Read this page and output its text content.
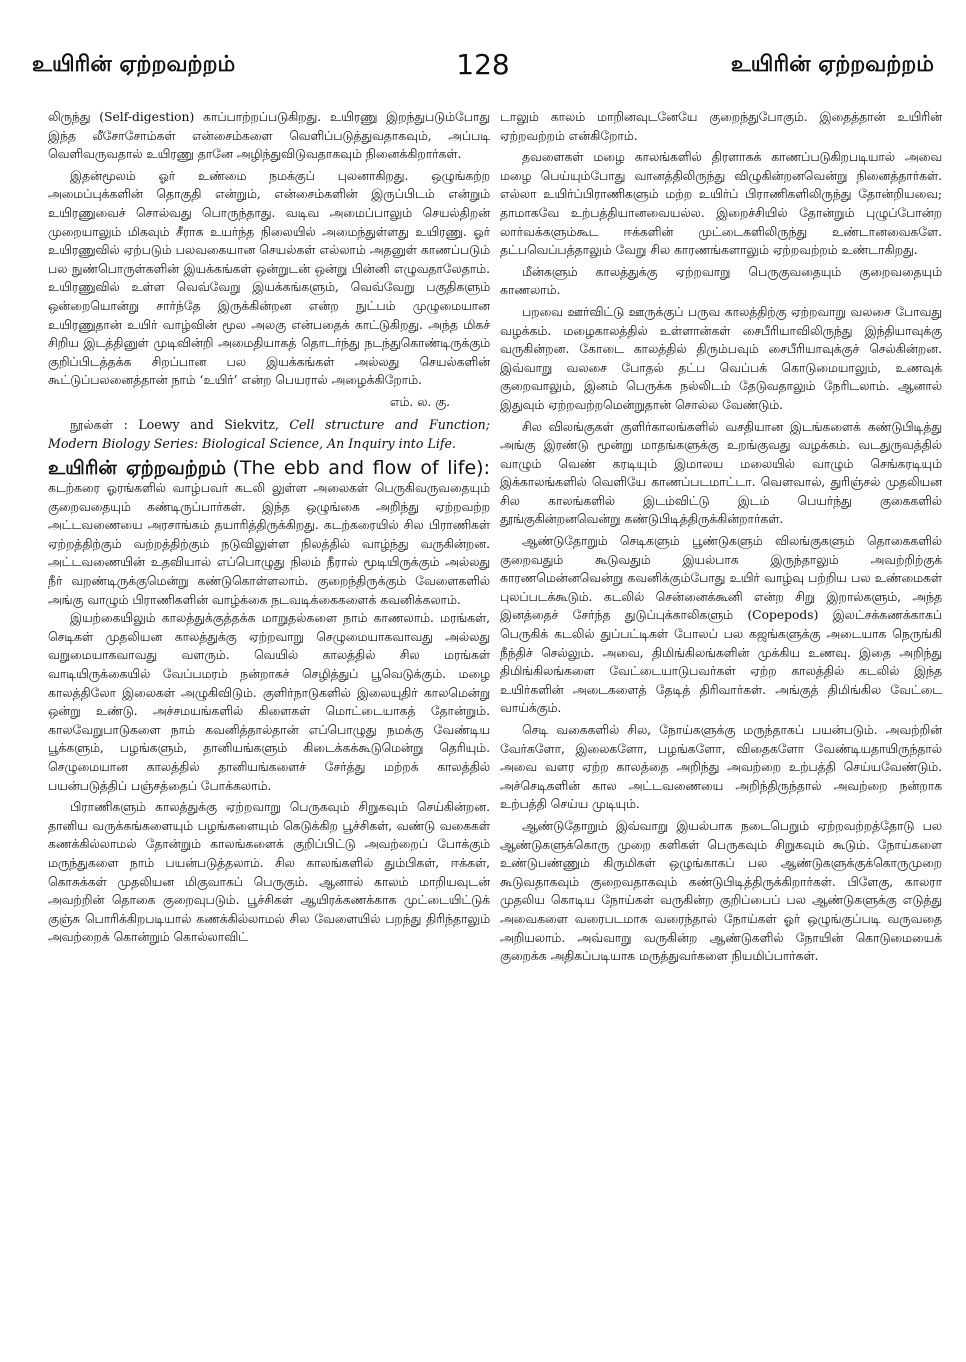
உயிரின் ஏற்றவற்றம்	128	உயிரின் ஏற்றவற்றம்

லிருந்து (Self-digestion) காப்பாற்றப்படுகிறது. உயிரணு இறந்துபடும்போது இந்த லீசோசோம்கள் என்சைம்களை வெளிப்படுத்துவதாகவும், அப்படி வெளிவருவதால் உயிரணு தானே அழிந்துவிடுவதாகவும் நினைக்கிறார்கள்.

இதன்மூலம் ஓர் உண்மை நமக்குப் புலனாகிறது. ஒழுங்கற்ற அமைப்புக்களின் தொகுதி என்றும், என்சைம்களின் இருப்பிடம் என்றும் உயிரணுவைச் சொல்வது பொருந்தாது. வடிவ அமைப்பாலும் செயல்திறன் முறையாலும் மிகவும் சீராக உயர்ந்த நிலையில் அமைந்துள்ளது உயிரணு. ஓர் உயிரணுவில் ஏற்படும் பலவகையான செயல்கள் எல்லாம் அதனுள் காணப்படும் பல நுண்பொருள்களின் இயக்கங்கள் ஒன்றுடன் ஒன்று பின்னி எழுவதாலேதாம். உயிரணுவில் உள்ள வெவ்வேறு இயக்கங்களும், வெவ்வேறு பகுதிகளும் ஒன்றையொன்று சார்ந்தே இருக்கின்றன என்ற நுட்பம் முழுமையான உயிரணுதான் உயிர் வாழ்வின் மூல அலகு என்பதைக் காட்டுகிறது. அந்த மிகச் சிறிய இடத்தினுள் முடிவின்றி அமைதியாகத் தொடர்ந்து நடந்துகொண்டிருக்கும் குறிப்பிடத்தக்க சிறப்பான பல இயக்கங்கள் அல்லது செயல்களின் கூட்டுப்பலனைத்தான் நாம் ‘உயிர்’ என்ற பெயரால் அழைக்கிறோம்.

எம். ல. கு.
நூல்கள் : Loewy and Siekvitz, Cell structure and Function; Modern Biology Series: Biological Science, An Inquiry into Life.
உயிரின் ஏற்றவற்றம் (The ebb and flow of life): கடற்கரை ஓரங்களில் வாழ்பவர் கடலி லுள்ள அலைகள் பெருகிவருவதையும் குறைவதையும் கண்டிருப்பார்கள். இந்த ஒழுங்கை அறிந்து ஏற்றவற்ற அட்டவணையை அரசாங்கம் தயாரித்திருக்கிறது. கடற்கரையில் சில பிராணிகள் ஏற்றத்திற்கும் வற்றத்திற்கும் நடுவிலுள்ள நிலத்தில் வாழ்ந்து வருகின்றன. அட்டவணையின் உதவியால் எப்பொழுது நிலம் நீரால் மூடியிருக்கும் அல்லது நீர் வறண்டிருக்குமென்று கண்டுகொள்ளலாம். குறைந்திருக்கும் வேளைகளில் அங்கு வாழும் பிராணிகளின் வாழ்க்கை நடவடிக்கைகளைக் கவனிக்கலாம்.

இயற்கையிலும் காலத்துக்குத்தக்க மாறுதல்களை நாம் காணலாம். மரங்கள், செடிகள் முதலியன காலத்துக்கு ஏற்றவாறு செழுமையாகவாவது அல்லது வறுமையாகவாவது வளரும். வெயில் காலத்தில் சில மரங்கள் வாடியிருக்கையில் வேப்பமரம் நன்றாகச் செழித்துப் பூவெடுக்கும். மழை காலத்திலோ இலைகள் அழுகிவிடும். குளிர்நாடுகளில் இலையுதிர் காலமென்று ஒன்று உண்டு. அச்சமயங்களில் கிளைகள் மொட்டையாகத் தோன்றும். காலவேறுபாடுகளை நாம் கவனித்தால்தான் எப்பொழுது நமக்கு வேண்டிய பூக்களும், பழங்களும், தானியங்களும் கிடைக்கக்கூடுமென்று தெரியும். செழுமையான காலத்தில் தானியங்களைச் சேர்த்து மற்றக் காலத்தில் பயன்படுத்திப் பஞ்சத்தைப் போக்கலாம்.

பிராணிகளும் காலத்துக்கு ஏற்றவாறு பெருகவும் சிறுகவும் செய்கின்றன. தானிய வருக்கங்களையும் பழங்களையும் கெடுக்கிற பூச்சிகள், வண்டு வகைகள் கணக்கில்லாமல் தோன்றும் காலங்களைக் குறிப்பிட்டு அவற்றைப் போக்கும் மருந்துகளை நாம் பயன்படுத்தலாம். சில காலங்களில் தும்பிகள், ஈக்கள், கொசுக்கள் முதலியன மிகுவாகப் பெருகும். ஆனால் காலம் மாறியவுடன் அவற்றின் தொகை குறைவுபடும். பூச்சிகள் ஆயிரக்கணக்காக முட்டையிட்டுக் குஞ்சு பொரிக்கிறபடியால் கணக்கில்லாமல் சில வேளையில் பறந்து திரிந்தாலும் அவற்றைக் கொன்றும் கொல்லாவிட்

டாலும் காலம் மாறினவுடனேயே குறைந்துபோகும். இதைத்தான் உயிரின் ஏற்றவற்றம் என்கிறோம்.

தவளைகள் மழை காலங்களில் திரளாகக் காணப்படுகிறபடியால் அவை மழை பெய்யும்போது வானத்திலிருந்து விழுகின்றனவென்று நினைத்தார்கள். எல்லா உயிர்ப்பிராணிகளும் மற்ற உயிர்ப் பிராணிகளிலிருந்து தோன்றியவை; தாமாகவே உற்பத்தியானவையல்ல. இறைச்சியில் தோன்றும் புழுப்போன்ற லார்வக்களும்கூட ஈக்களின் முட்டைகளிலிருந்து உண்டானவைகளே. தட்பவெப்பத்தாலும் வேறு சில காரணங்களாலும் ஏற்றவற்றம் உண்டாகிறது.

மீன்களும் காலத்துக்கு ஏற்றவாறு பெருகுவதையும் குறைவதையும் காணலாம்.

பறவை ஊர்விட்டு ஊருக்குப் பருவ காலத்திற்கு ஏற்றவாறு வலசை போவது வழக்கம். மழைகாலத்தில் உள்ளான்கள் சைபீரியாவிலிருந்து இந்தியாவுக்கு வருகின்றன. கோடை காலத்தில் திரும்பவும் சைபீரியாவுக்குச் செல்கின்றன. இவ்வாறு வலசை போதல் தட்ப வெப்பக் கொடுமையாலும், உணவுக் குறைவாலும், இனம் பெருக்க நல்லிடம் தேடுவதாலும் நேரிடலாம். ஆனால் இதுவும் ஏற்றவற்றமென்றுதான் சொல்ல வேண்டும்.

சில விலங்குகள் குளிர்காலங்களில் வசதியான இடங்களைக் கண்டுபிடித்து அங்கு இரண்டு மூன்று மாதங்களுக்கு உறங்குவது வழக்கம். வடதுருவத்தில் வாழும் வெண் கரடியும் இமாலய மலையில் வாழும் செங்கரடியும் இக்காலங்களில் வெளியே காணப்படமாட்டா. வௌவால், துரிஞ்சல் முதலியன சில காலங்களில் இடம்விட்டு இடம் பெயர்ந்து குகைகளில் தூங்குகின்றனவென்று கண்டுபிடித்திருக்கின்றார்கள்.

ஆண்டுதோறும் செடிகளும் பூண்டுகளும் விலங்குகளும் தொகைகளில் குறைவதும் கூடுவதும் இயல்பாக இருந்தாலும் அவற்றிற்குக் காரணமென்னவென்று கவனிக்கும்போது உயிர் வாழ்வு பற்றிய பல உண்மைகள் புலப்படக்கூடும். கடலில் சென்னைக்கூனி என்ற சிறு இறால்களும், அந்த இனத்தைச் சேர்ந்த துடுப்புக்காலிகளும் (Copepods) இலட்சக்கணக்காகப் பெருகிக் கடலில் துப்பட்டிகள் போலப் பல கஜங்களுக்கு அடையாக நெருங்கி நீந்திச் செல்லும். அவை, திமிங்கிலங்களின் முக்கிய உணவு. இதை அறிந்து திமிங்கிலங்களை வேட்டையாடுபவர்கள் ஏற்ற காலத்தில் கடலில் இந்த உயிர்களின் அடைகளைத் தேடித் திரிவார்கள். அங்குத் திமிங்கில வேட்டை வாய்க்கும்.

செடி வகைகளில் சில, நோய்களுக்கு மருந்தாகப் பயன்படும். அவற்றின் வேர்களோ, இலைகளோ, பழங்களோ, விதைகளோ வேண்டியதாயிருந்தால் அவை வளர ஏற்ற காலத்தை அறிந்து அவற்றை உற்பத்தி செய்யவேண்டும். அச்செடிகளின் கால அட்டவணையை அறிந்திருந்தால் அவற்றை நன்றாக உற்பத்தி செய்ய முடியும்.

ஆண்டுதோறும் இவ்வாறு இயல்பாக நடைபெறும் ஏற்றவற்றத்தோடு பல ஆண்டுகளுக்கொரு முறை களிகள் பெருகவும் சிறுகவும் கூடும். நோய்களை உண்டுபண்ணும் கிருமிகள் ஒழுங்காகப் பல ஆண்டுகளுக்குக்கொருமுறை கூடுவதாகவும் குறைவதாகவும் கண்டுபிடித்திருக்கிறார்கள். பிளேகு, காலரா முதலிய கொடிய நோய்கள் வருகின்ற குறிப்பைப் பல ஆண்டுகளுக்கு எடுத்து அவைகளை வரைபடமாக வரைந்தால் நோய்கள் ஓர் ஒழுங்குப்படி வருவதை அறியலாம். அவ்வாறு வருகின்ற ஆண்டுகளில் நோயின் கொடுமையைக் குறைக்க அதிகப்படியாக மருத்துவர்களை நியமிப்பார்கள்.
